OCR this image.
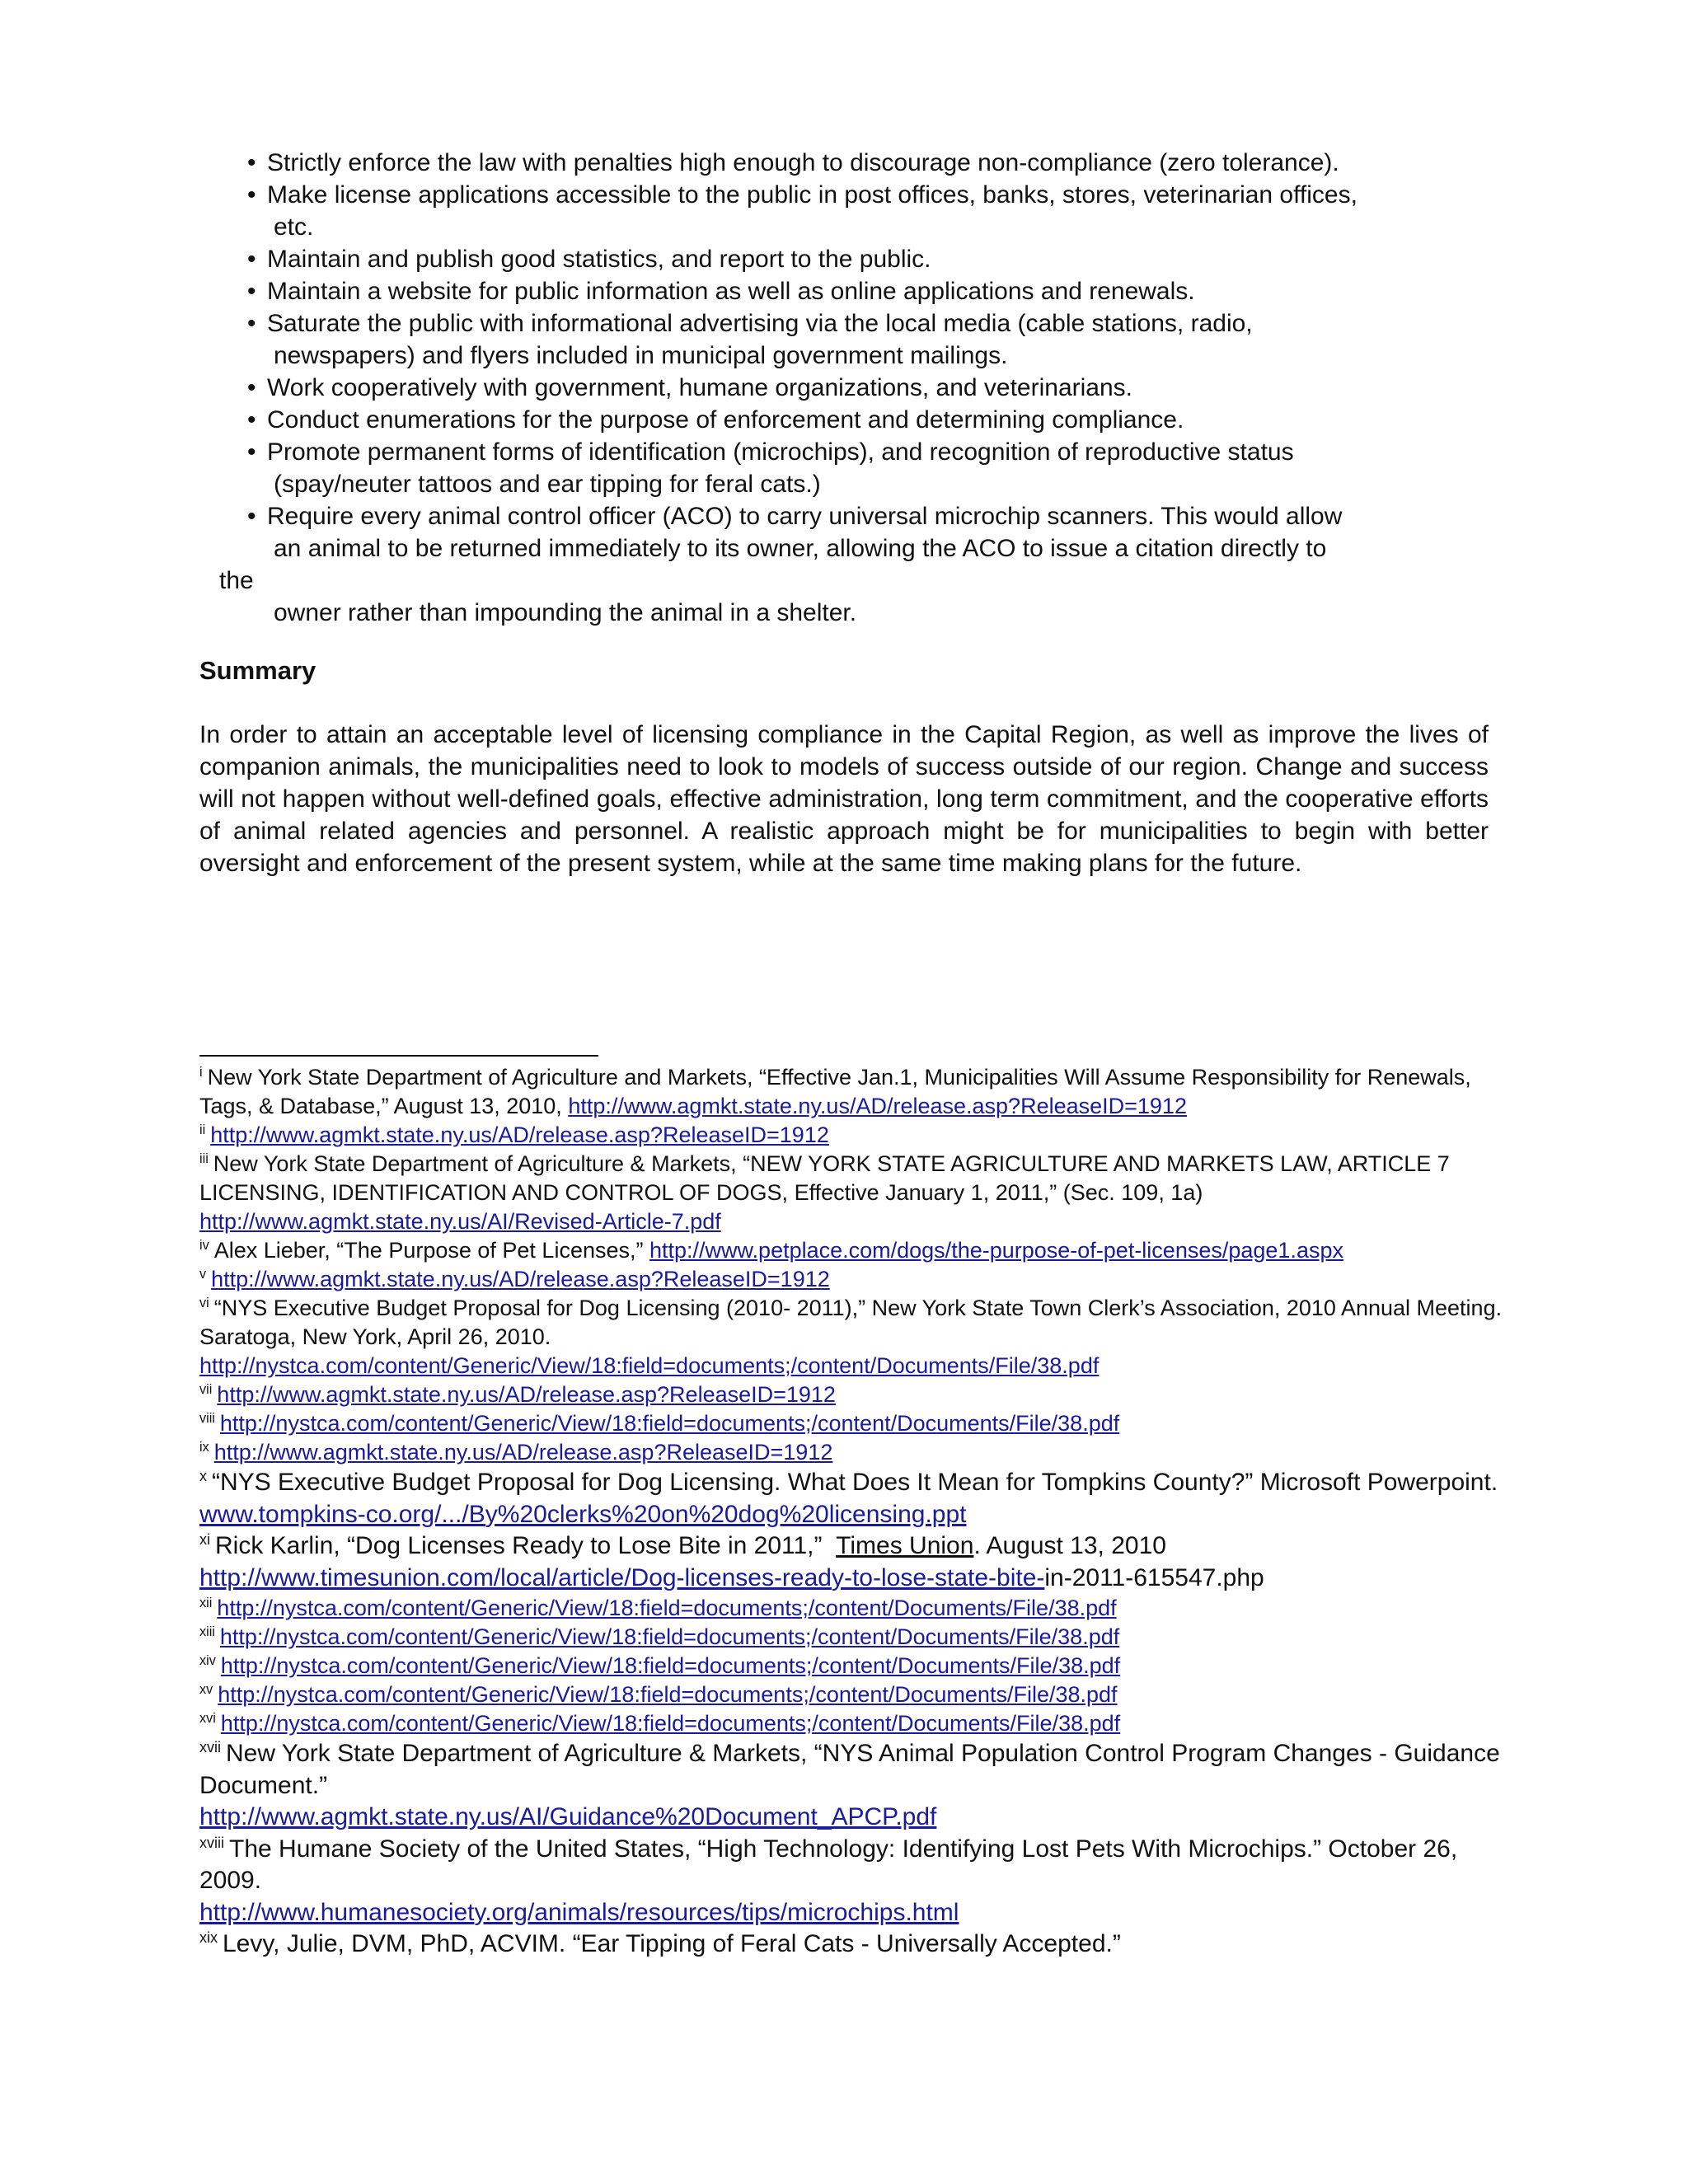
• Strictly enforce the law with penalties high enough to discourage non-compliance (zero tolerance).
• Make license applications accessible to the public in post offices, banks, stores, veterinarian offices,
etc.
• Maintain and publish good statistics, and report to the public.
• Maintain a website for public information as well as online applications and renewals.
• Saturate the public with informational advertising via the local media (cable stations, radio,
newspapers) and flyers included in municipal government mailings.
• Work cooperatively with government, humane organizations, and veterinarians.
• Conduct enumerations for the purpose of enforcement and determining compliance.
• Promote permanent forms of identification (microchips), and recognition of reproductive status
(spay/neuter tattoos and ear tipping for feral cats.)
• Require every animal control officer (ACO) to carry universal microchip scanners. This would allow
an animal to be returned immediately to its owner, allowing the ACO to issue a citation directly to
the
owner rather than impounding the animal in a shelter.
Summary

In order to attain an acceptable level of licensing compliance in the Capital Region, as well as improve the lives of companion animals, the municipalities need to look to models of success outside of our region. Change and success will not happen without well-defined goals, effective administration, long term commitment, and the cooperative efforts of animal related agencies and personnel. A realistic approach might be for municipalities to begin with better oversight and enforcement of the present system, while at the same time making plans for the future.

$^i$ New York State Department of Agriculture and Markets, “Effective Jan.1, Municipalities Will Assume Responsibility for Renewals, Tags, & Database,” August 13, 2010, http://www.agmkt.state.ny.us/AD/release.asp?ReleaseID=1912

$^{ii}$ http://www.agmkt.state.ny.us/AD/release.asp?ReleaseID=1912

$^{iii}$ New York State Department of Agriculture & Markets, “NEW YORK STATE AGRICULTURE AND MARKETS LAW, ARTICLE 7 LICENSING, IDENTIFICATION AND CONTROL OF DOGS, Effective January 1, 2011,” (Sec. 109, 1a)
http://www.agmkt.state.ny.us/AI/Revised-Article-7.pdf

$^{iv}$ Alex Lieber, “The Purpose of Pet Licenses,” http://www.petplace.com/dogs/the-purpose-of-pet-licenses/page1.aspx

$^v$ http://www.agmkt.state.ny.us/AD/release.asp?ReleaseID=1912

$^{vi}$ “NYS Executive Budget Proposal for Dog Licensing (2010- 2011),” New York State Town Clerk’s Association, 2010 Annual Meeting. Saratoga, New York, April 26, 2010.
http://nystca.com/content/Generic/View/18:field=documents;/content/Documents/File/38.pdf

$^{vii}$ http://www.agmkt.state.ny.us/AD/release.asp?ReleaseID=1912

$^{viii}$ http://nystca.com/content/Generic/View/18:field=documents;/content/Documents/File/38.pdf

$^{ix}$ http://www.agmkt.state.ny.us/AD/release.asp?ReleaseID=1912

$^x$ “NYS Executive Budget Proposal for Dog Licensing. What Does It Mean for Tompkins County?” Microsoft Powerpoint.
www.tompkins-co.org/.../By%20clerks%20on%20dog%20licensing.ppt

$^{xi}$ Rick Karlin, “Dog Licenses Ready to Lose Bite in 2011,” Times Union. August 13, 2010
http://www.timesunion.com/local/article/Dog-licenses-ready-to-lose-state-bite-in-2011-615547.php

$^{xii}$ http://nystca.com/content/Generic/View/18:field=documents;/content/Documents/File/38.pdf

$^{xiii}$ http://nystca.com/content/Generic/View/18:field=documents;/content/Documents/File/38.pdf

$^{xiv}$ http://nystca.com/content/Generic/View/18:field=documents;/content/Documents/File/38.pdf

$^{xv}$ http://nystca.com/content/Generic/View/18:field=documents;/content/Documents/File/38.pdf

$^{xvi}$ http://nystca.com/content/Generic/View/18:field=documents;/content/Documents/File/38.pdf

$^{xvii}$ New York State Department of Agriculture & Markets, “NYS Animal Population Control Program Changes - Guidance Document.”
http://www.agmkt.state.ny.us/AI/Guidance%20Document_APCP.pdf

$^{xviii}$ The Humane Society of the United States, “High Technology: Identifying Lost Pets With Microchips.” October 26, 2009.
http://www.humanesociety.org/animals/resources/tips/microchips.html

$^{xix}$ Levy, Julie, DVM, PhD, ACVIM. “Ear Tipping of Feral Cats - Universally Accepted.”
